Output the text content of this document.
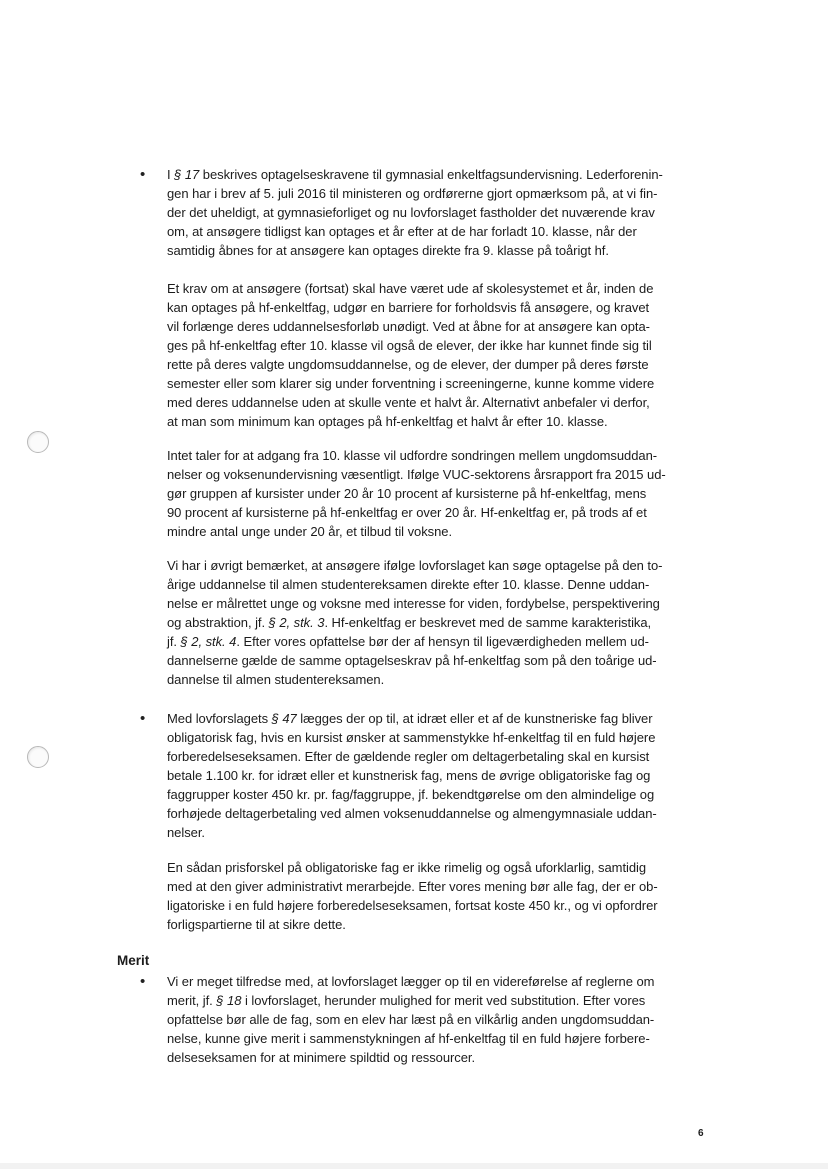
• I § 17 beskrives optagelseskravene til gymnasial enkeltfagsundervisning. Lederforenin-
gen har i brev af 5. juli 2016 til ministeren og ordførerne gjort opmærksom på, at vi fin-
der det uheldigt, at gymnasieforliget og nu lovforslaget fastholder det nuværende krav
om, at ansøgere tidligst kan optages et år efter at de har forladt 10. klasse, når der
samtidig åbnes for at ansøgere kan optages direkte fra 9. klasse på toårigt hf.
Et krav om at ansøgere (fortsat) skal have været ude af skolesystemet et år, inden de
kan optages på hf-enkeltfag, udgør en barriere for forholdsvis få ansøgere, og kravet
vil forlænge deres uddannelsesforløb unødigt. Ved at åbne for at ansøgere kan opta-
ges på hf-enkeltfag efter 10. klasse vil også de elever, der ikke har kunnet finde sig til
rette på deres valgte ungdomsuddannelse, og de elever, der dumper på deres første
semester eller som klarer sig under forventning i screeningerne, kunne komme videre
med deres uddannelse uden at skulle vente et halvt år. Alternativt anbefaler vi derfor,
at man som minimum kan optages på hf-enkeltfag et halvt år efter 10. klasse.
Intet taler for at adgang fra 10. klasse vil udfordre sondringen mellem ungdomsuddan-
nelser og voksenundervisning væsentligt. Ifølge VUC-sektorens årsrapport fra 2015 ud-
gør gruppen af kursister under 20 år 10 procent af kursisterne på hf-enkeltfag, mens
90 procent af kursisterne på hf-enkeltfag er over 20 år. Hf-enkeltfag er, på trods af et
mindre antal unge under 20 år, et tilbud til voksne.
Vi har i øvrigt bemærket, at ansøgere ifølge lovforslaget kan søge optagelse på den to-
årige uddannelse til almen studentereksamen direkte efter 10. klasse. Denne uddan-
nelse er målrettet unge og voksne med interesse for viden, fordybelse, perspektivering
og abstraktion, jf. § 2, stk. 3. Hf-enkeltfag er beskrevet med de samme karakteristika,
jf. § 2, stk. 4. Efter vores opfattelse bør der af hensyn til ligeværdigheden mellem ud-
dannelserne gælde de samme optagelseskrav på hf-enkeltfag som på den toårige ud-
dannelse til almen studentereksamen.
• Med lovforslagets § 47 lægges der op til, at idræt eller et af de kunstneriske fag bliver
obligatorisk fag, hvis en kursist ønsker at sammenstykke hf-enkeltfag til en fuld højere
forberedelseseksamen. Efter de gældende regler om deltagerbetaling skal en kursist
betale 1.100 kr. for idræt eller et kunstnerisk fag, mens de øvrige obligatoriske fag og
faggrupper koster 450 kr. pr. fag/faggruppe, jf. bekendtgørelse om den almindelige og
forhøjede deltagerbetaling ved almen voksenuddannelse og almengymnasiale uddan-
nelser.
En sådan prisforskel på obligatoriske fag er ikke rimelig og også uforklarlig, samtidig
med at den giver administrativt merarbejde. Efter vores mening bør alle fag, der er ob-
ligatoriske i en fuld højere forberedelseseksamen, fortsat koste 450 kr., og vi opfordrer
forligspartierne til at sikre dette.
Merit
• Vi er meget tilfredse med, at lovforslaget lægger op til en videreførelse af reglerne om
merit, jf. § 18 i lovforslaget, herunder mulighed for merit ved substitution. Efter vores
opfattelse bør alle de fag, som en elev har læst på en vilkårlig anden ungdomsuddan-
nelse, kunne give merit i sammenstykningen af hf-enkeltfag til en fuld højere forbere-
delseseksamen for at minimere spildtid og ressourcer.
6
